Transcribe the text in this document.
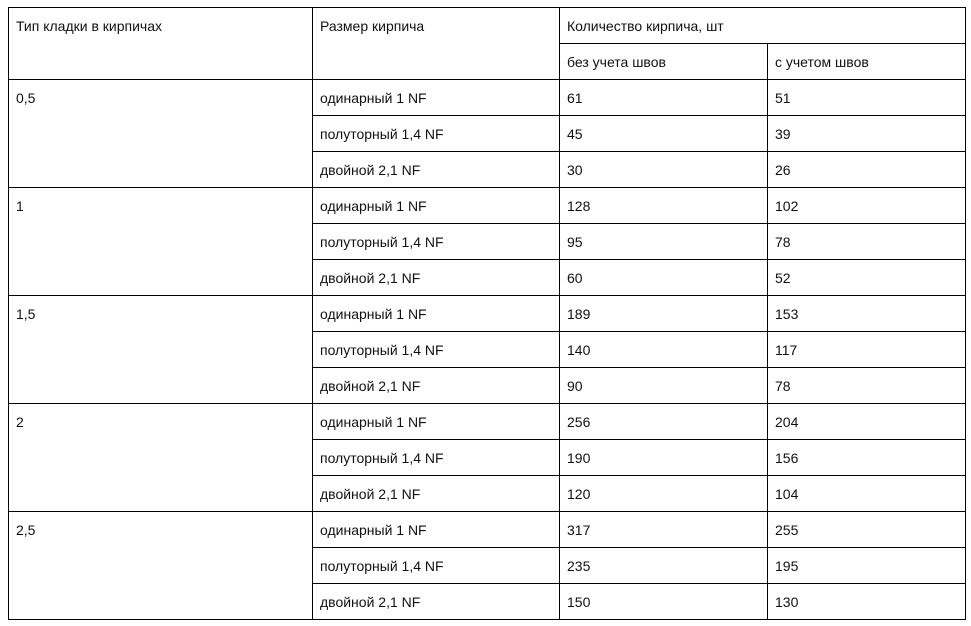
Тип кладки в кирпичах	Размер кирпича	Количество кирпича, шт	
		без учета швов	с учетом швов
0,5	одинарный 1 NF	61	51
	полуторный 1,4 NF	45	39
	двойной 2,1 NF	30	26
1	одинарный 1 NF	128	102
	полуторный 1,4 NF	95	78
	двойной 2,1 NF	60	52
1,5	одинарный 1 NF	189	153
	полуторный 1,4 NF	140	117
	двойной 2,1 NF	90	78
2	одинарный 1 NF	256	204
	полуторный 1,4 NF	190	156
	двойной 2,1 NF	120	104
2,5	одинарный 1 NF	317	255
	полуторный 1,4 NF	235	195
	двойной 2,1 NF	150	130
